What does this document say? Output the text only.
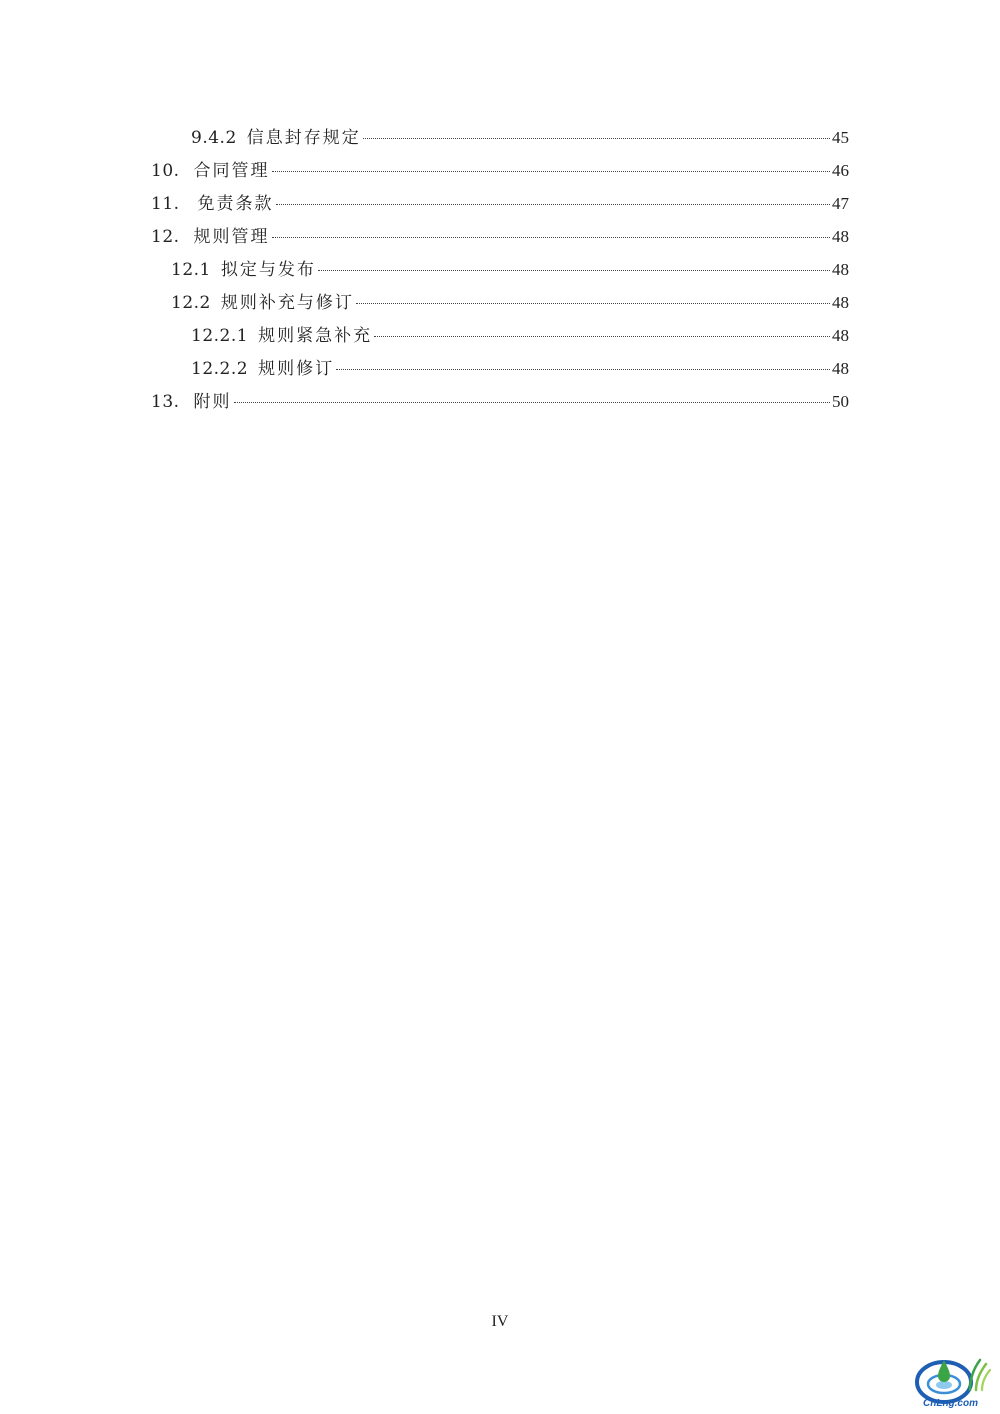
9.4.2 信息封存规定	45
10. 合同管理	46
11. 免责条款	47
12. 规则管理	48
12.1 拟定与发布	48
12.2 规则补充与修订	48
12.2.1 规则紧急补充	48
12.2.2 规则修订	48
13. 附则	50
IV
CnLng.com
